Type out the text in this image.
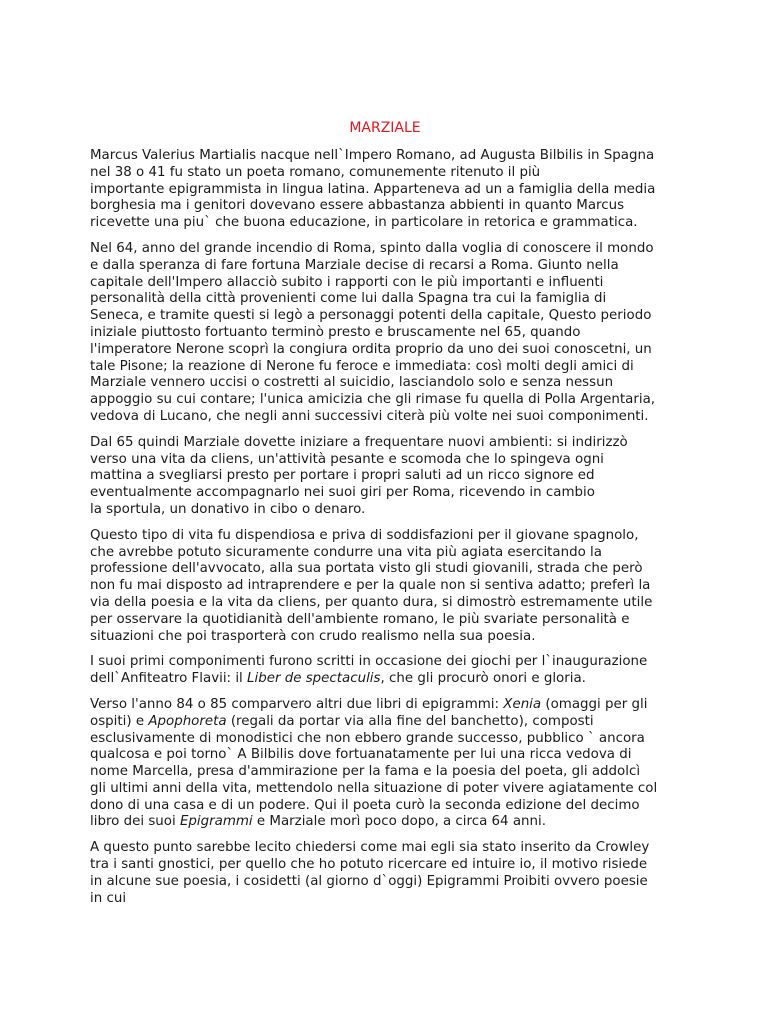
MARZIALE
Marcus Valerius Martialis nacque nell`Impero Romano, ad Augusta Bilbilis in Spagna
nel 38 o 41 fu stato un poeta romano, comunemente ritenuto il più
importante epigrammista in lingua latina. Apparteneva ad un a famiglia della media
borghesia ma i genitori dovevano essere abbastanza abbienti in quanto Marcus
ricevette una piu` che buona educazione, in particolare in retorica e grammatica.
Nel 64, anno del grande incendio di Roma, spinto dalla voglia di conoscere il mondo
e dalla speranza di fare fortuna Marziale decise di recarsi a Roma. Giunto nella
capitale dell'Impero allacciò subito i rapporti con le più importanti e influenti
personalità della città provenienti come lui dalla Spagna tra cui la famiglia di
Seneca, e tramite questi si legò a personaggi potenti della capitale, Questo periodo
iniziale piuttosto fortuanto terminò presto e bruscamente nel 65, quando
l'imperatore Nerone scoprì la congiura ordita proprio da uno dei suoi conoscetni, un
tale Pisone; la reazione di Nerone fu feroce e immediata: così molti degli amici di
Marziale vennero uccisi o costretti al suicidio, lasciandolo solo e senza nessun
appoggio su cui contare; l'unica amicizia che gli rimase fu quella di Polla Argentaria,
vedova di Lucano, che negli anni successivi citerà più volte nei suoi componimenti.
Dal 65 quindi Marziale dovette iniziare a frequentare nuovi ambienti: si indirizzò
verso una vita da cliens, un'attività pesante e scomoda che lo spingeva ogni
mattina a svegliarsi presto per portare i propri saluti ad un ricco signore ed
eventualmente accompagnarlo nei suoi giri per Roma, ricevendo in cambio
la sportula, un donativo in cibo o denaro.
Questo tipo di vita fu dispendiosa e priva di soddisfazioni per il giovane spagnolo,
che avrebbe potuto sicuramente condurre una vita più agiata esercitando la
professione dell'avvocato, alla sua portata visto gli studi giovanili, strada che però
non fu mai disposto ad intraprendere e per la quale non si sentiva adatto; preferì la
via della poesia e la vita da cliens, per quanto dura, si dimostrò estremamente utile
per osservare la quotidianità dell'ambiente romano, le più svariate personalità e
situazioni che poi trasporterà con crudo realismo nella sua poesia.
I suoi primi componimenti furono scritti in occasione dei giochi per l`inaugurazione
dell`Anfiteatro Flavii: il Liber de spectaculis, che gli procurò onori e gloria.
Verso l'anno 84 o 85 comparvero altri due libri di epigrammi: Xenia (omaggi per gli
ospiti) e Apophoreta (regali da portar via alla fine del banchetto), composti
esclusivamente di monodistici che non ebbero grande successo, pubblico ` ancora
qualcosa e poi torno` A Bilbilis dove fortuanatamente per lui una ricca vedova di
nome Marcella, presa d'ammirazione per la fama e la poesia del poeta, gli addolcì
gli ultimi anni della vita, mettendolo nella situazione di poter vivere agiatamente col
dono di una casa e di un podere. Qui il poeta curò la seconda edizione del decimo
libro dei suoi Epigrammi e Marziale morì poco dopo, a circa 64 anni.
A questo punto sarebbe lecito chiedersi come mai egli sia stato inserito da Crowley
tra i santi gnostici, per quello che ho potuto ricercare ed intuire io, il motivo risiede
in alcune sue poesia, i cosidetti (al giorno d`oggi) Epigrammi Proibiti ovvero poesie
in cui
